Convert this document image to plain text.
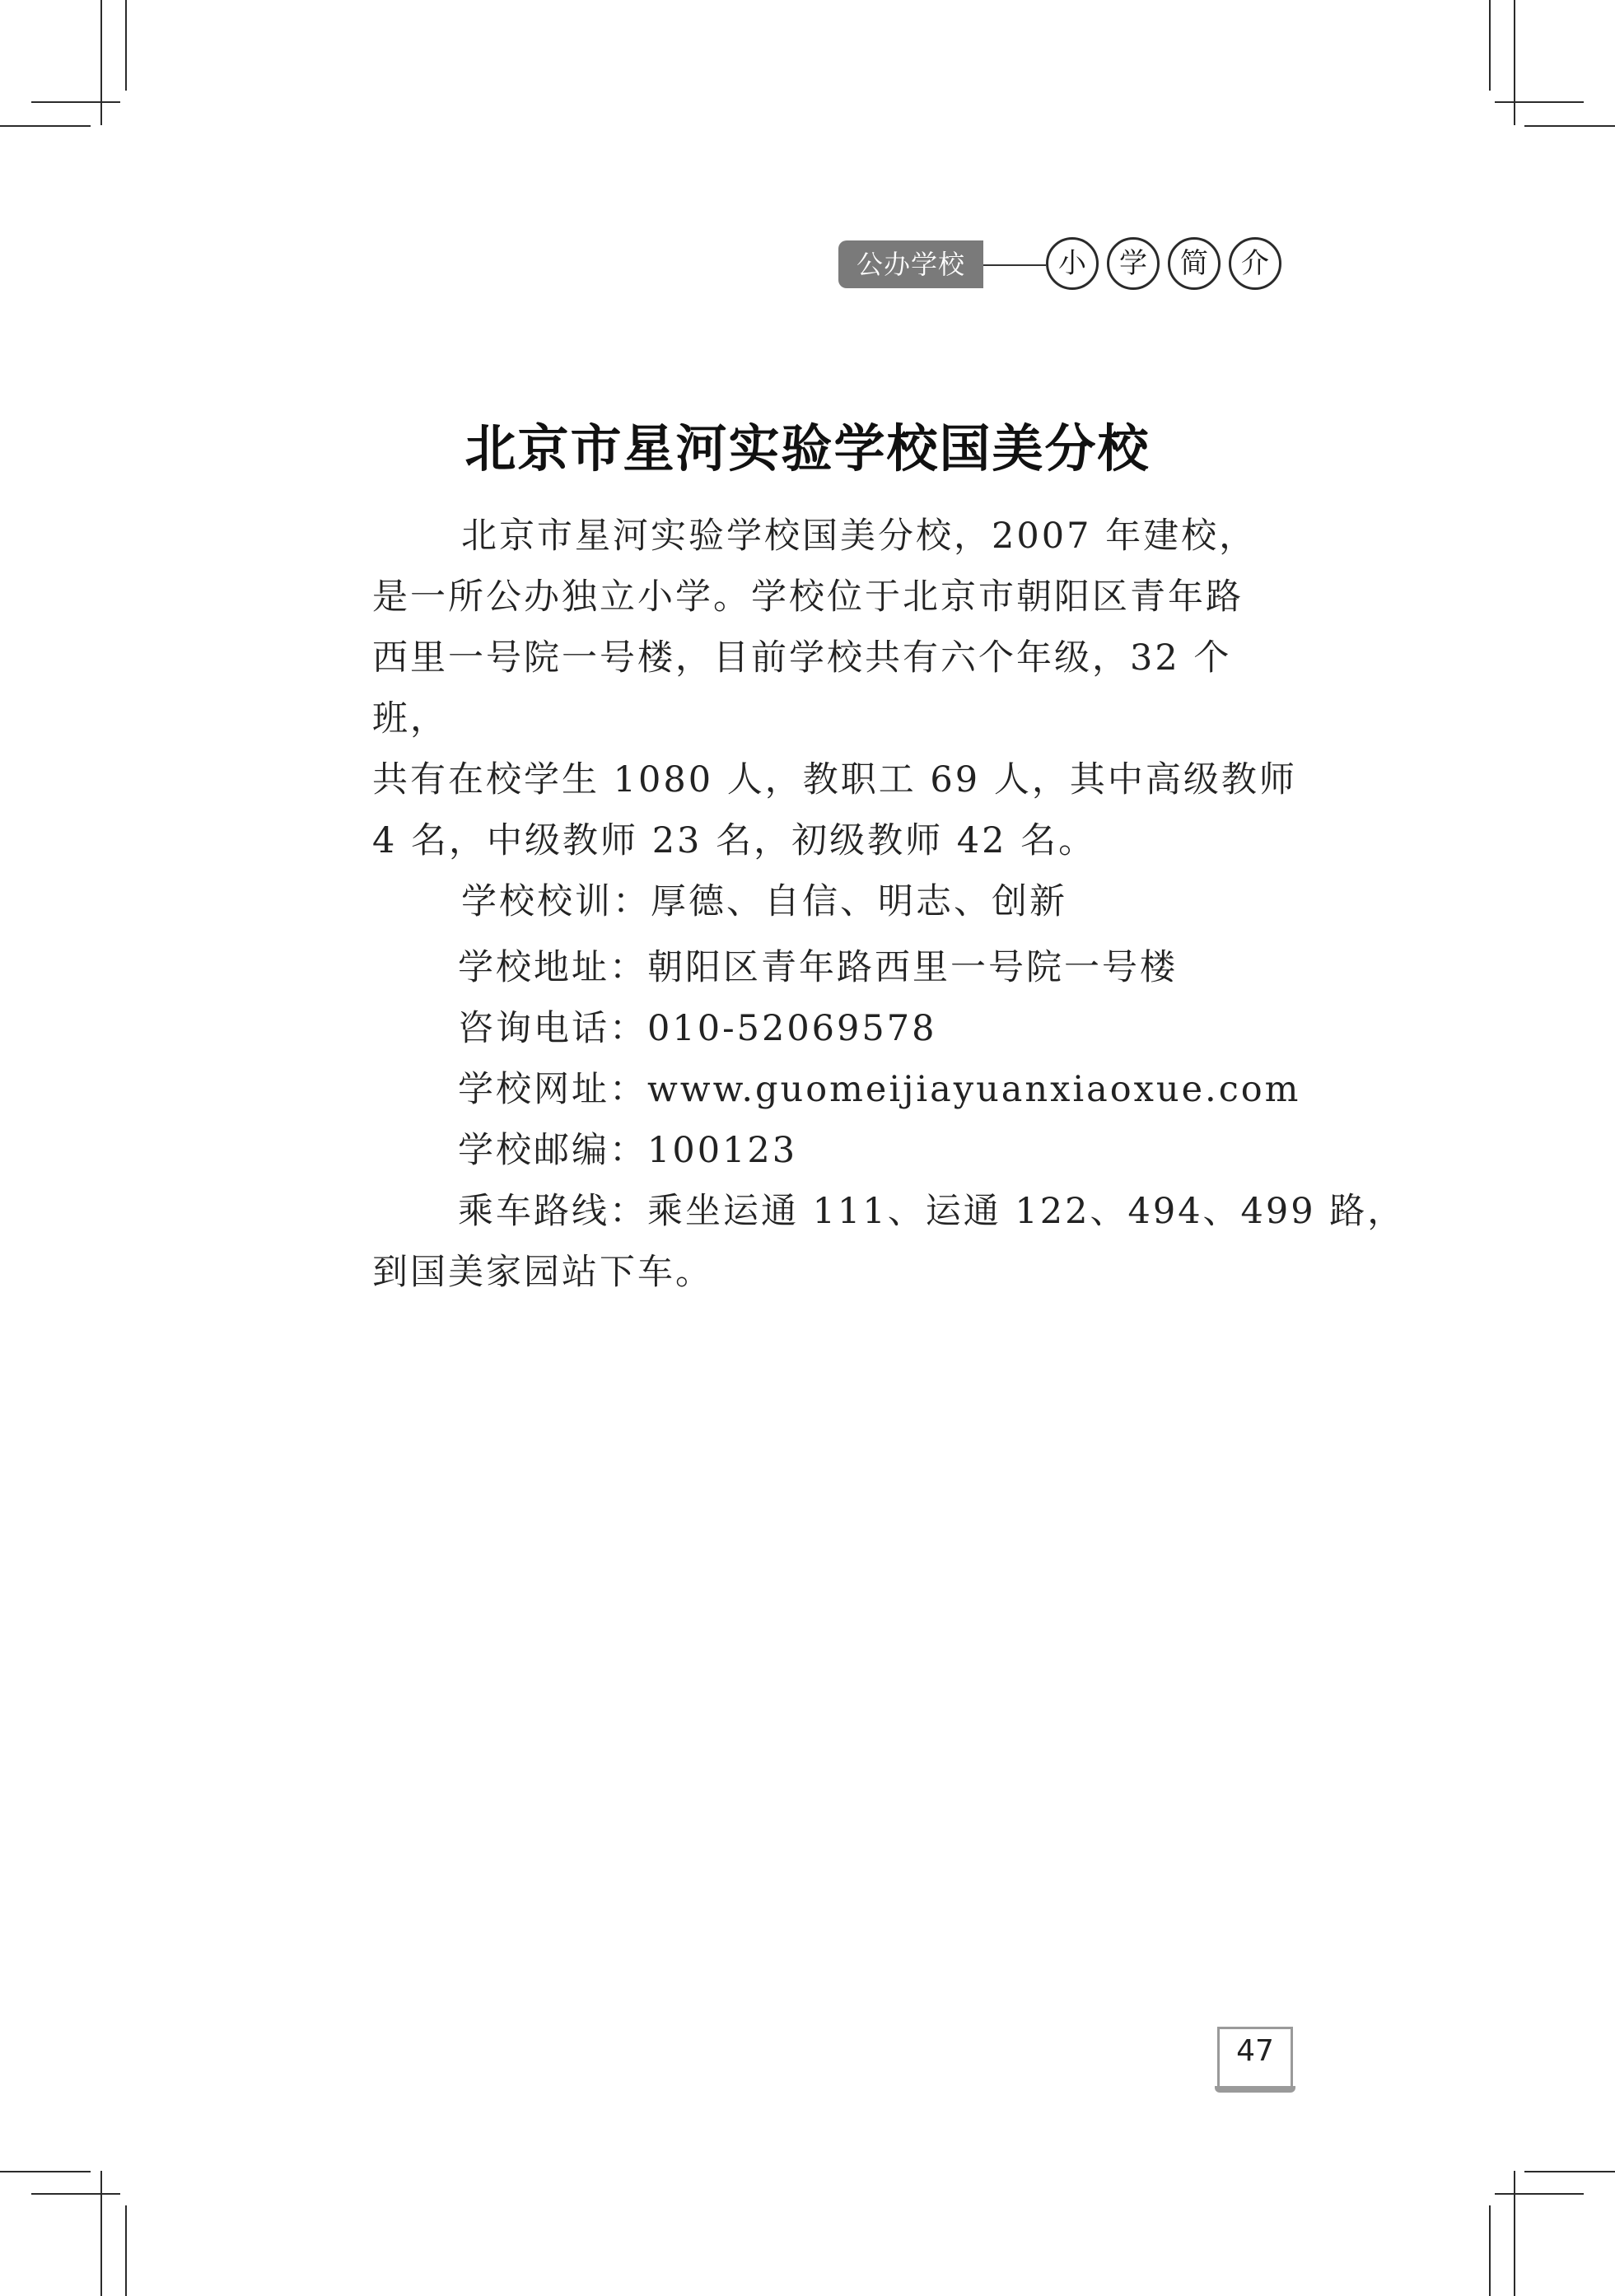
公办学校	小	学	简	介
北京市星河实验学校国美分校
北京市星河实验学校国美分校，2007 年建校，
是一所公办独立小学。学校位于北京市朝阳区青年路
西里一号院一号楼，目前学校共有六个年级，32 个班，
共有在校学生 1080 人，教职工 69 人，其中高级教师
4 名，中级教师 23 名，初级教师 42 名。
学校校训：厚德、自信、明志、创新
学校地址：朝阳区青年路西里一号院一号楼
咨询电话：010-52069578
学校网址：www.guomeijiayuanxiaoxue.com
学校邮编：100123
乘车路线：乘坐运通 111、运通 122、494、499 路，
到国美家园站下车。
47
